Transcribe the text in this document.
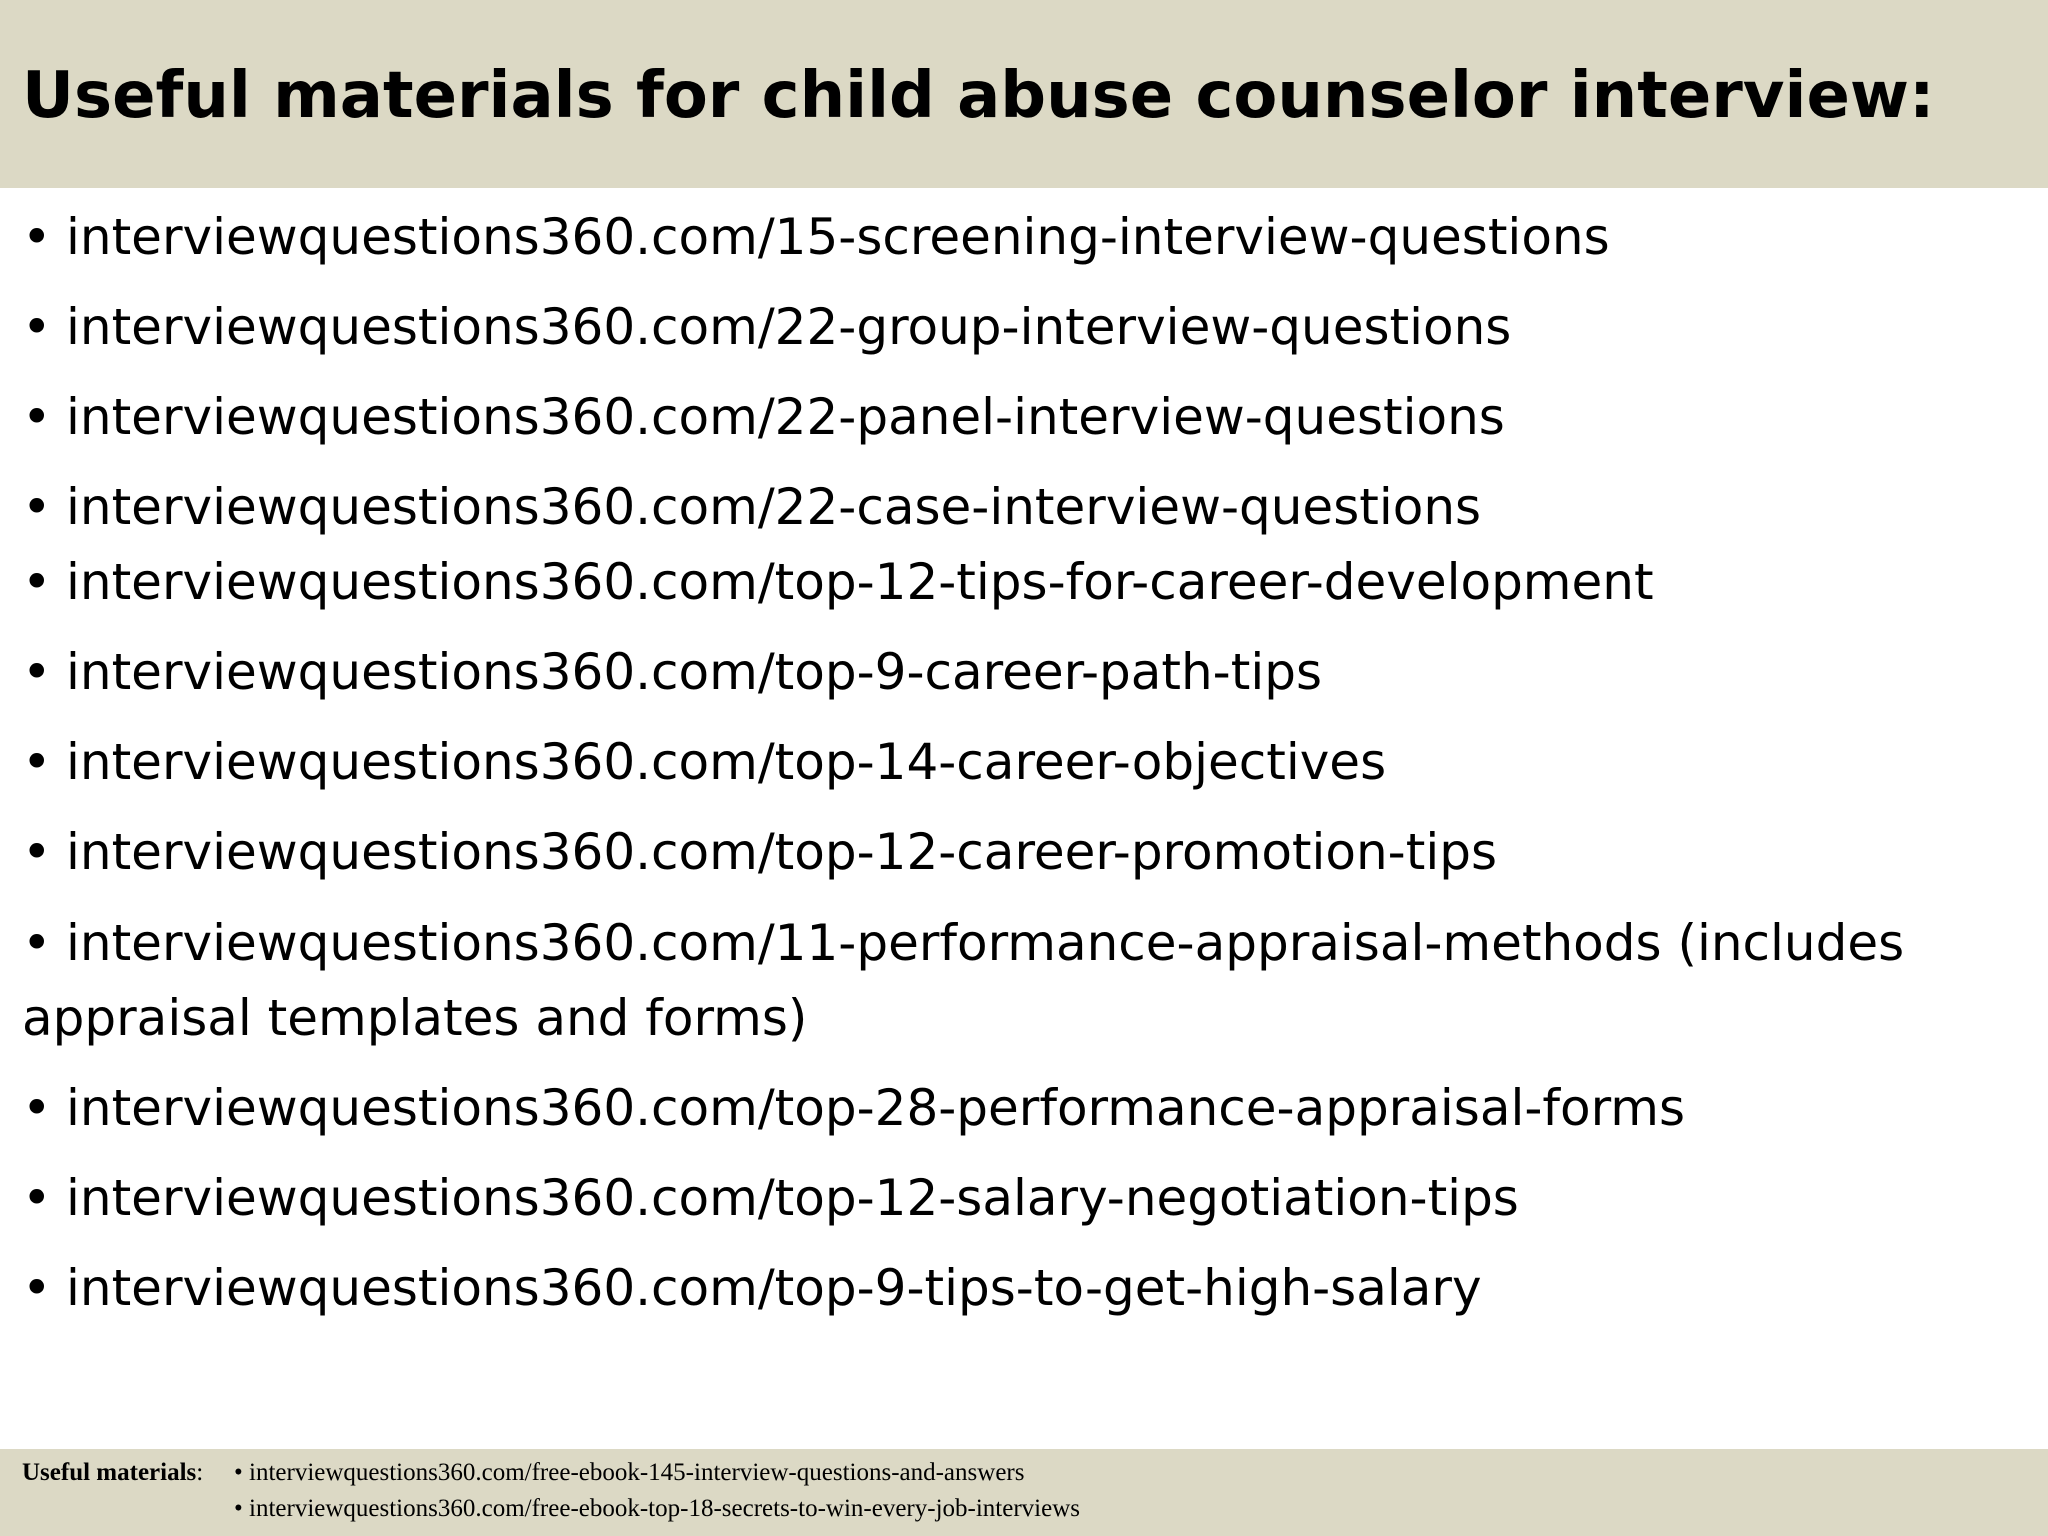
Useful materials for child abuse counselor interview:
• interviewquestions360.com/15-screening-interview-questions
• interviewquestions360.com/22-group-interview-questions
• interviewquestions360.com/22-panel-interview-questions
• interviewquestions360.com/22-case-interview-questions
• interviewquestions360.com/top-12-tips-for-career-development
• interviewquestions360.com/top-9-career-path-tips
• interviewquestions360.com/top-14-career-objectives
• interviewquestions360.com/top-12-career-promotion-tips
• interviewquestions360.com/11-performance-appraisal-methods (includes
appraisal templates and forms)
• interviewquestions360.com/top-28-performance-appraisal-forms
• interviewquestions360.com/top-12-salary-negotiation-tips
• interviewquestions360.com/top-9-tips-to-get-high-salary
Useful materials: • interviewquestions360.com/free-ebook-145-interview-questions-and-answers
• interviewquestions360.com/free-ebook-top-18-secrets-to-win-every-job-interviews
